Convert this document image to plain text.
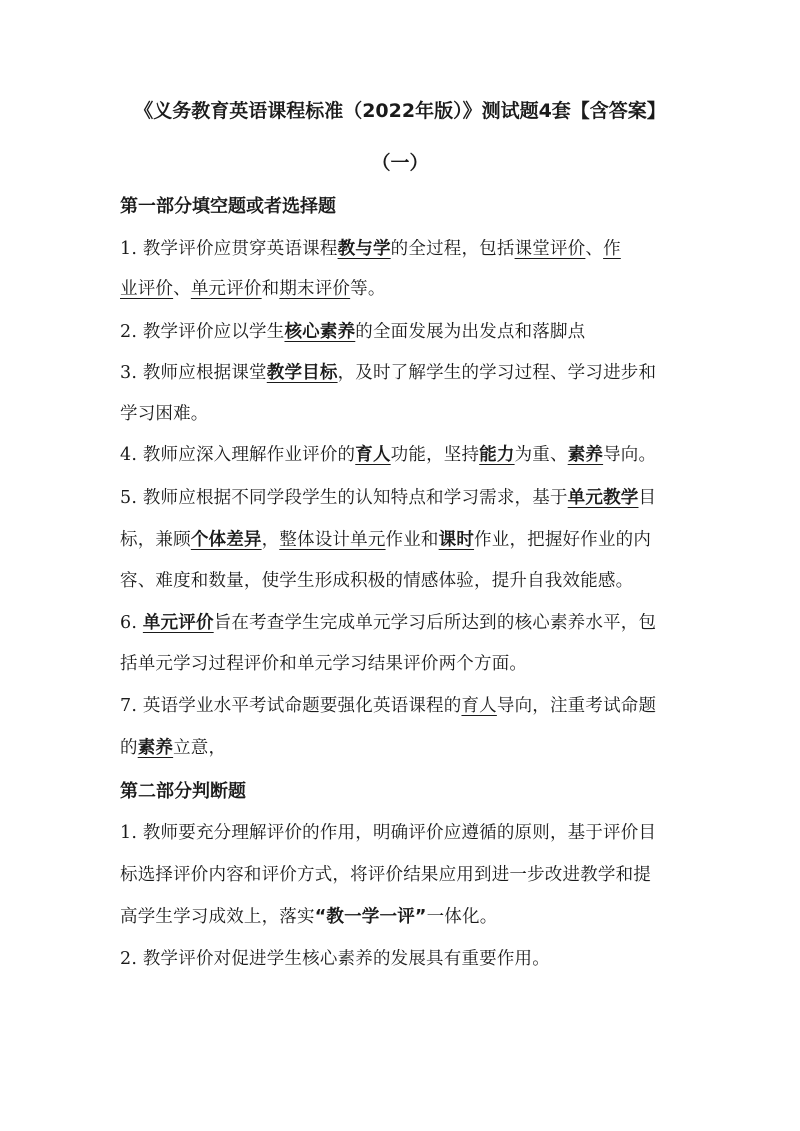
《义务教育英语课程标准（2022年版）》测试题4套【含答案】
（一）
第一部分填空题或者选择题
1. 教学评价应贯穿英语课程教与学的全过程，包括课堂评价、作
业评价、单元评价和期末评价等。
2. 教学评价应以学生核心素养的全面发展为出发点和落脚点
3. 教师应根据课堂教学目标，及时了解学生的学习过程、学习进步和
学习困难。
4. 教师应深入理解作业评价的育人功能，坚持能力为重、素养导向。
5. 教师应根据不同学段学生的认知特点和学习需求，基于单元教学目
标，兼顾个体差异，整体设计单元作业和课时作业，把握好作业的内
容、难度和数量，使学生形成积极的情感体验，提升自我效能感。
6. 单元评价旨在考查学生完成单元学习后所达到的核心素养水平，包
括单元学习过程评价和单元学习结果评价两个方面。
7. 英语学业水平考试命题要强化英语课程的育人导向，注重考试命题
的素养立意，
第二部分判断题
1. 教师要充分理解评价的作用，明确评价应遵循的原则，基于评价目
标选择评价内容和评价方式，将评价结果应用到进一步改进教学和提
高学生学习成效上，落实“教一学一评”一体化。
2. 教学评价对促进学生核心素养的发展具有重要作用。
